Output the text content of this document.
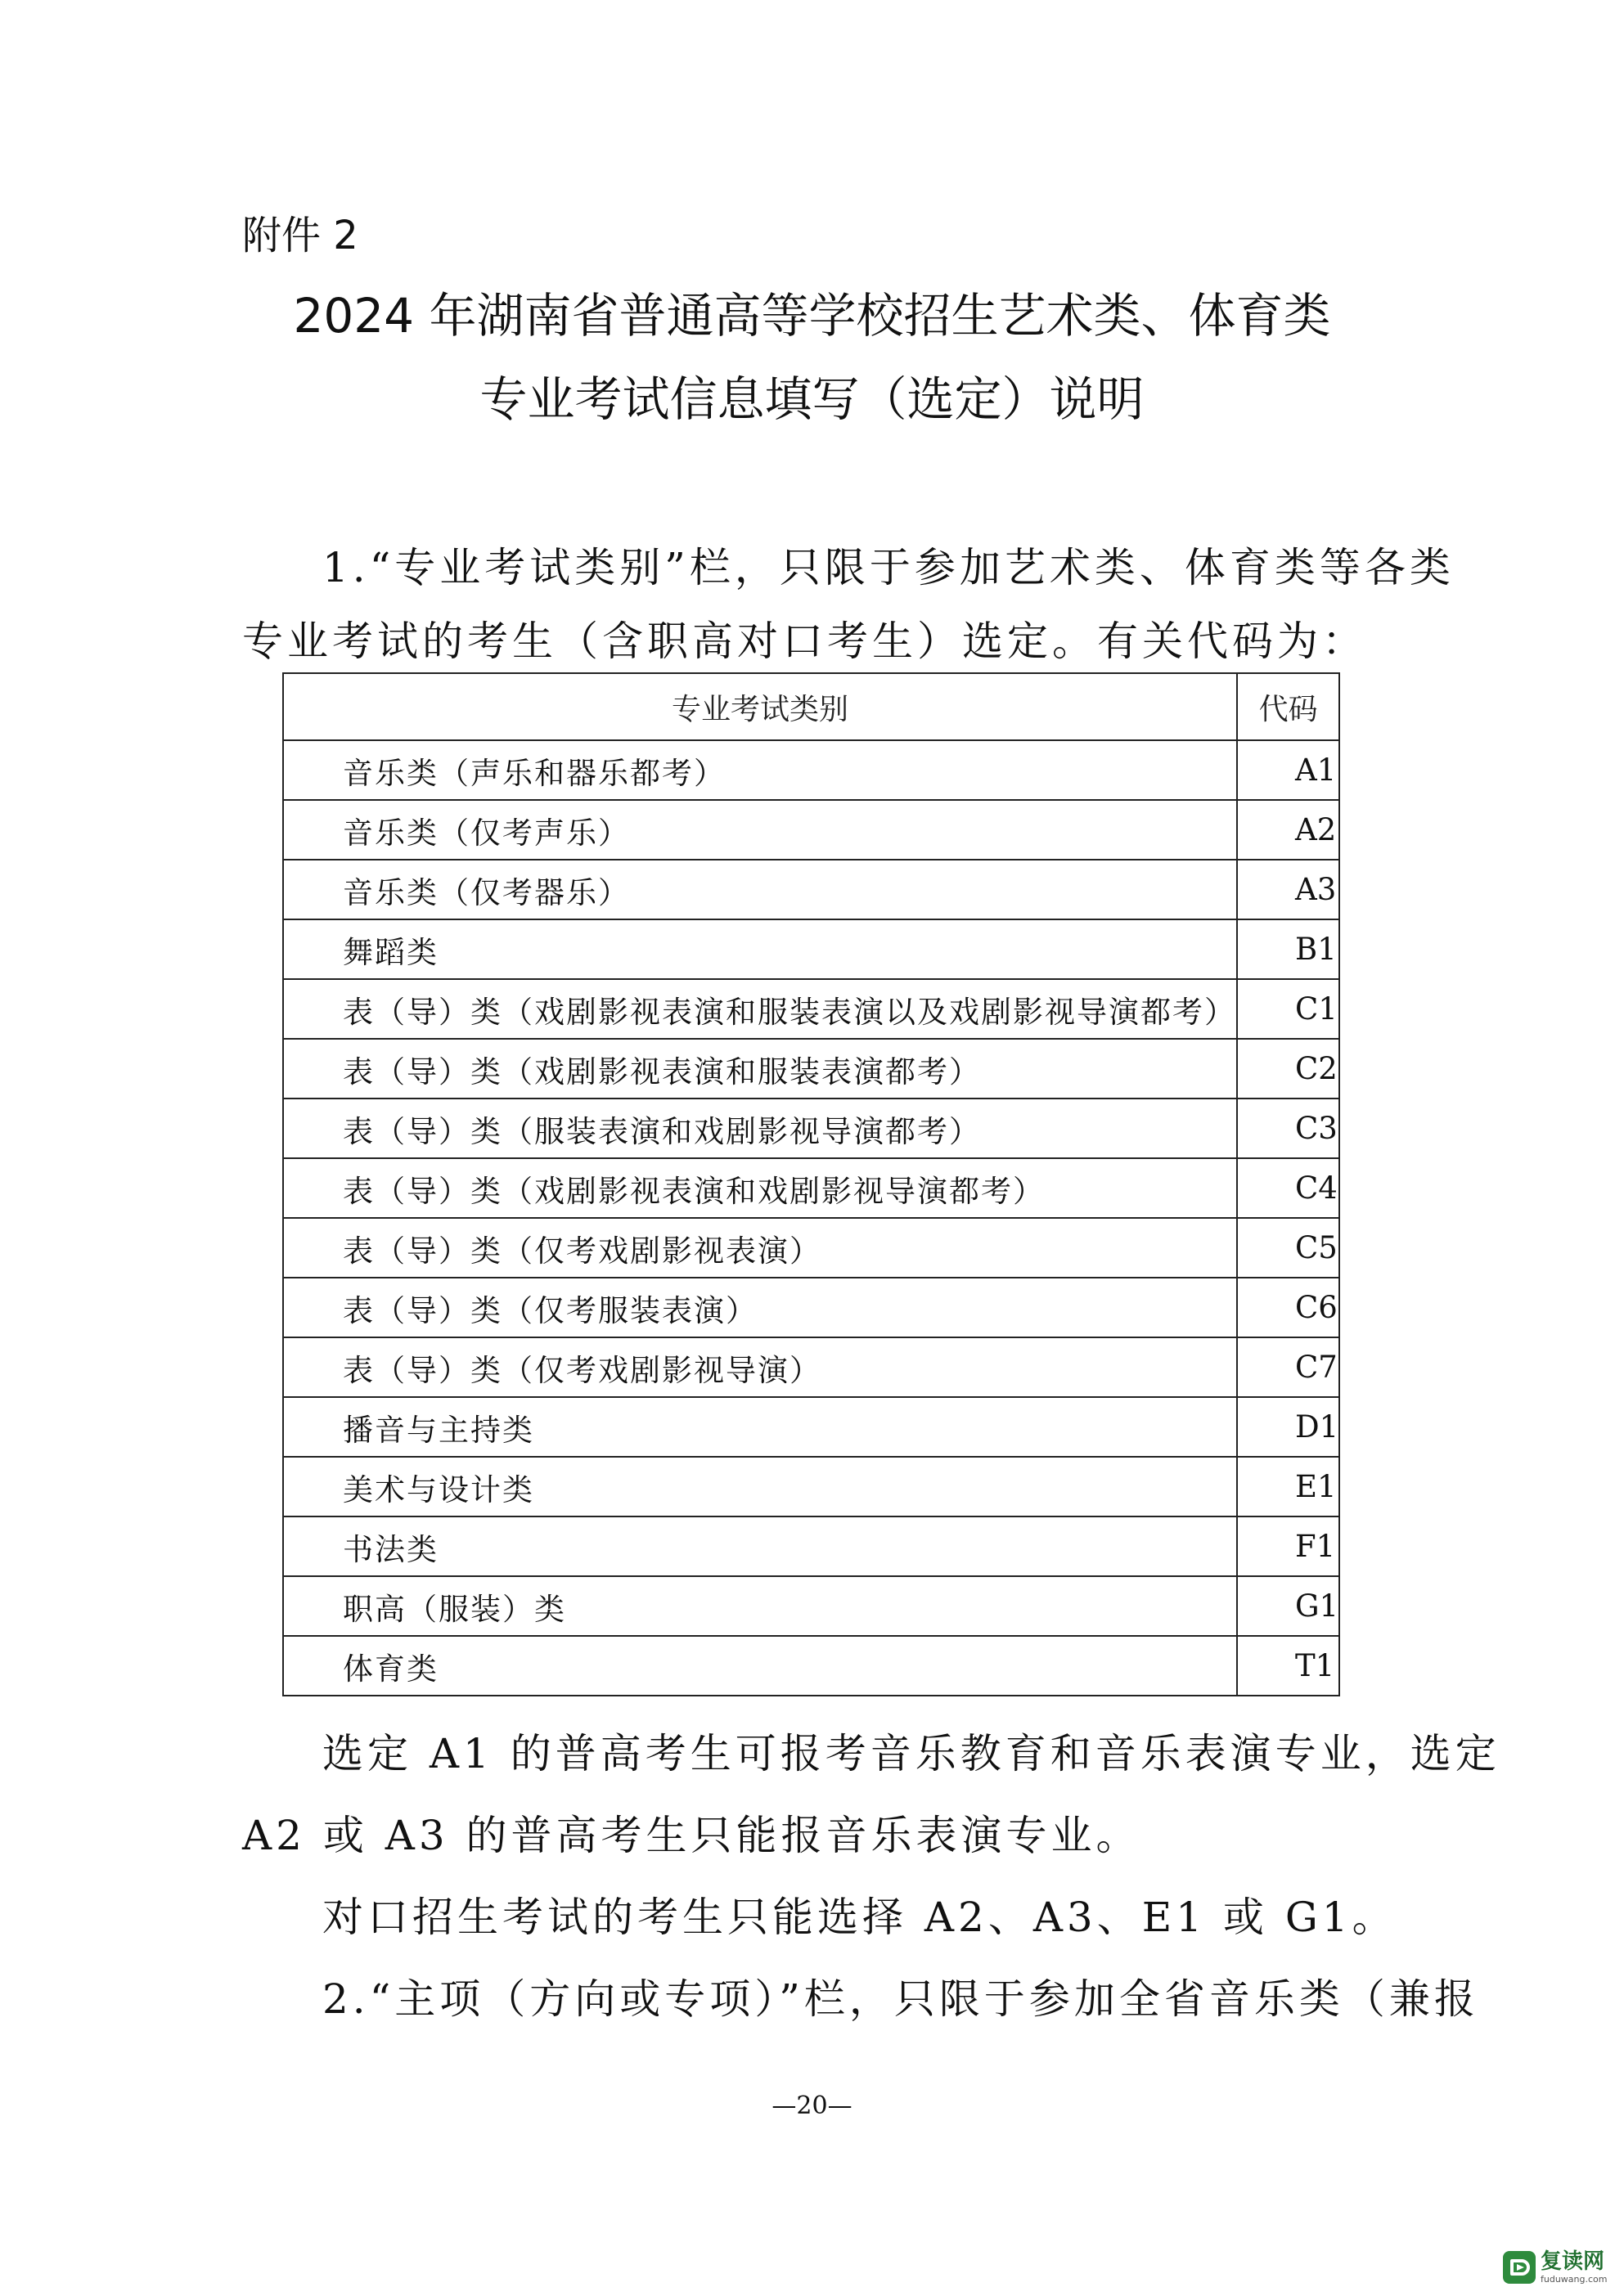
附件 2
2024 年湖南省普通高等学校招生艺术类、体育类
专业考试信息填写（选定）说明
1.“专业考试类别”栏，只限于参加艺术类、体育类等各类
专业考试的考生（含职高对口考生）选定。有关代码为：
专业考试类别	代码
音乐类（声乐和器乐都考）	A1
音乐类（仅考声乐）	A2
音乐类（仅考器乐）	A3
舞蹈类	B1
表（导）类（戏剧影视表演和服装表演以及戏剧影视导演都考）	C1
表（导）类（戏剧影视表演和服装表演都考）	C2
表（导）类（服装表演和戏剧影视导演都考）	C3
表（导）类（戏剧影视表演和戏剧影视导演都考）	C4
表（导）类（仅考戏剧影视表演）	C5
表（导）类（仅考服装表演）	C6
表（导）类（仅考戏剧影视导演）	C7
播音与主持类	D1
美术与设计类	E1
书法类	F1
职高（服装）类	G1
体育类	T1
选定 A1 的普高考生可报考音乐教育和音乐表演专业，选定
A2 或 A3 的普高考生只能报音乐表演专业。
对口招生考试的考生只能选择 A2、A3、E1 或 G1。
2.“主项（方向或专项）”栏，只限于参加全省音乐类（兼报
—20—
复读网
fuduwang.com
